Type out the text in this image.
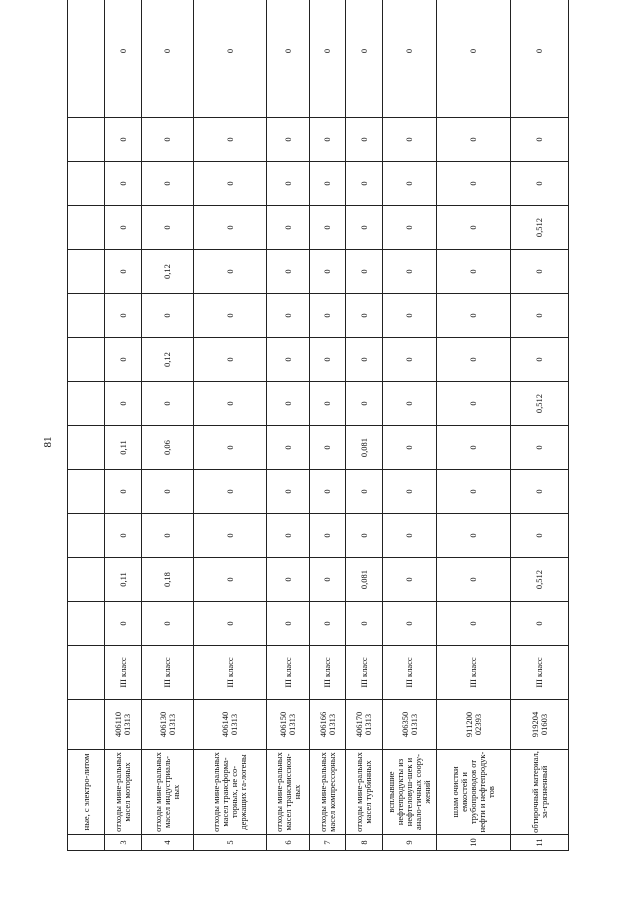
81
	ные, с электро-литом															
3	отходы мине-ральных масел моторных	406110 01313	III класс	0	0,11	0	0	0,11	0	0	0	0	0	0	0	0
4	отходы мине-ральных масел индустриаль-ных	406130 01313	III класс	0	0,18	0	0	0,06	0	0,12	0	0,12	0	0	0	0
5	отходы мине-ральных масел трансформа-торных, не со-держащих га-логены	406140 01313	III класс	0	0	0	0	0	0	0	0	0	0	0	0	0
6	отходы мине-ральных масел трансмиссион-ных	406150 01313	III класс	0	0	0	0	0	0	0	0	0	0	0	0	0
7	отходы мине-ральных масел компрессорных	406166 01313	III класс	0	0	0	0	0	0	0	0	0	0	0	0	0
8	отходы мине-ральных масел турбинных	406170 01313	III класс	0	0,081	0	0	0,081	0	0	0	0	0	0	0	0
9	всплывшие нефтепродукты из нефтеловуш-шек и анало-гичных соору-жений	406350 01313	III класс	0	0	0	0	0	0	0	0	0	0	0	0	0
10	шлам очистки емкостей и трубопроводов от нефти и нефтепродук-тов	911200 02393	III класс	0	0	0	0	0	0	0	0	0	0	0	0	0
11	обтирочный материал, за-грязненный	919204 01603	III класс	0	0,512	0	0	0	0,512	0	0	0	0,512	0	0	0
